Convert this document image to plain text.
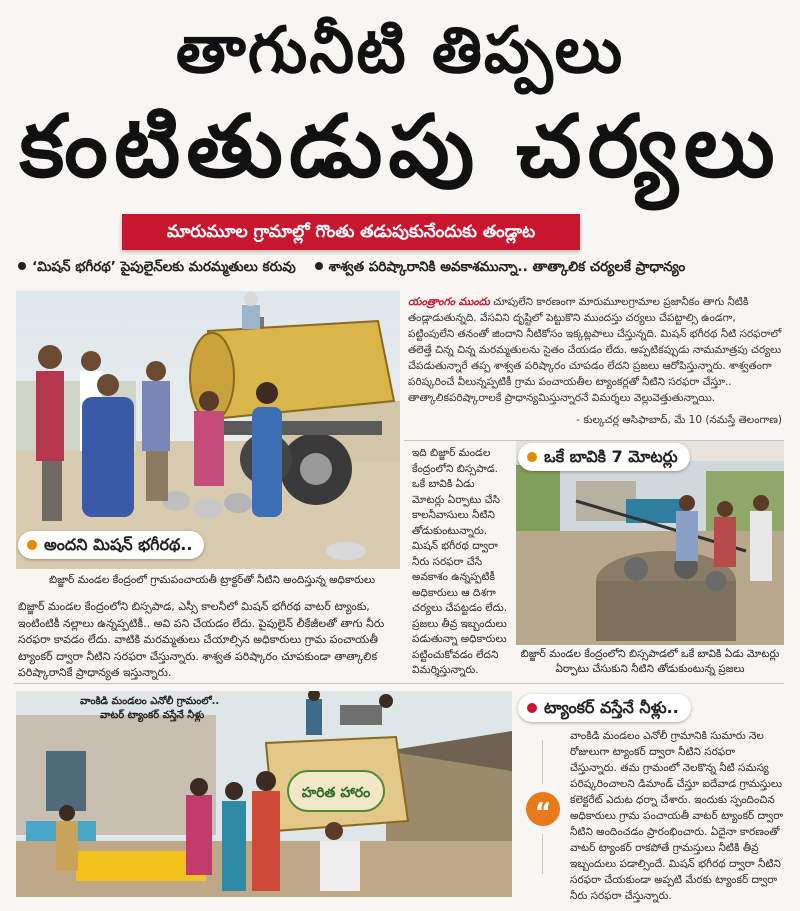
తాగునీటి తిప్పలు
కంటితుడుపు చర్యలు
మారుమూల గ్రామాల్లో గొంతు తడుపుకునేందుకు తండ్లాట
‘మిషన్ భగీరథ’ పైపులైన్‌లకు మరమ్మతులు కరువు శాశ్వత పరిష్కారానికి అవకాశమున్నా.. తాత్కాలిక చర్యలకే ప్రాధాన్యం
అందని మిషన్ భగీరథ..
బిజ్జార్ మండల కేంద్రంలో గ్రామపంచాయతీ ట్రాక్టర్‌తో నీటిని అందిస్తున్న అధికారులు
యంత్రాంగం ముందు చూపులేని కారణంగా మారుమూలగ్రామాల ప్రజానీకం తాగు నీటికి తండ్లాడుతున్నది. వేసవిని దృష్టిలో పెట్టుకొని ముందస్తు చర్యలు చేపట్టాల్సి ఉండగా, పట్టింపులేని తనంతో జిందాని నీటికోసం ఇక్కట్లపాలు చేస్తున్నది. మిషన్ భగీరథ నీటి సరఫరాలో తలెత్తే చిన్న చిన్న మరమ్మతులను సైతం చేయడం లేదు. అప్పటికప్పుడు నామమాత్రపు చర్యలు చేపడుతున్నారే తప్ప శాశ్వత పరిష్కారం చూపడం లేదని ప్రజలు ఆరోపిస్తున్నారు. శాశ్వతంగా పరిష్కరించే వీలున్నప్పటికీ గ్రామ పంచాయతీల ట్యాంకర్లతో నీటిని సరఫరా చేస్తూ.. తాత్కాలికపరిష్కారాలకే ప్రాధాన్యమిస్తున్నారనే విమర్శలు వెల్లువెత్తుతున్నాయి.
- కుల్కచర్ల ఆసిఫాబాద్, మే 10 (నమస్తే తెలంగాణ)
బిజ్జార్ మండల కేంద్రంలోని బిస్సపాడ, ఎస్సీ కాలనీలో మిషన్ భగీరథ వాటర్ ట్యాంకు, ఇంటింటికీ నల్లాలు ఉన్నప్పటికీ.. అవి పని చేయడం లేదు. పైపులైన్ లీకేజీలతో తాగు నీరు సరఫరా కావడం లేదు. వాటికి మరమ్మతులు చేయాల్సిన అధికారులు గ్రామ పంచాయతీ ట్యాంకర్ ద్వారా నీటిని సరఫరా చేస్తున్నారు. శాశ్వత పరిష్కారం చూపకుండా తాత్కాలిక పరిష్కారానికే ప్రాధాన్యత ఇస్తున్నారు.
ఇది బిజ్జార్ మండల కేంద్రంలోని బిస్సపాడ. ఒకే బావికి ఏడు మోటర్లు ఏర్పాటు చేసి కాలనీవాసులు నీటిని తోడుకుంటున్నారు. మిషన్ భగీరథ ద్వారా నీరు సరఫరా చేసే అవకాశం ఉన్నప్పటికీ అధికారులు ఆ దిశగా చర్యలు చేపట్టడం లేదు. ప్రజలు తీవ్ర ఇబ్బందులు పడుతున్నా అధికారులు పట్టించుకోవడం లేదని విమర్శిస్తున్నారు.
ఒకే బావికి 7 మోటర్లు
బిజ్జార్ మండల కేంద్రంలోని బిస్సపాడలో ఒకే బావికి ఏడు మోటర్లు ఏర్పాటు చేసుకుని నీటిని తోడుకుంటున్న ప్రజలు
హరిత హారం
వాంకిడి మండలం ఎనోలీ గ్రామంలో..
వాటర్ ట్యాంకర్ వస్తేనే నీళ్లు	ట్యాంకర్ వస్తేనే నీళ్లు..
“
వాంకిడి మండలం ఎనోలీ గ్రామానికి సుమారు నెల రోజులుగా ట్యాంకర్ ద్వారా నీటిని సరఫరా చేస్తున్నారు. తమ గ్రామంలో నెలకొన్న నీటి సమస్య పరిష్కరించాలని డిమాండ్ చేస్తూ ఐదేవాడ గ్రామస్తులు కలెక్టరేట్ ఎదుట ధర్నా చేశారు. ఇందుకు స్పందించిన అధికారులు గ్రామ పంచాయతీ వాటర్ ట్యాంకర్ ద్వారా నీటిని అందించడం ప్రారంభించారు. ఏదైనా కారణంతో వాటర్ ట్యాంకర్ రాకపోతే గ్రామస్తులు నీటికి తీవ్ర ఇబ్బందులు పడాల్సిందే. మిషన్ భగీరథ ద్వారా నీటిని సరఫరా చేయకుండా అప్పటి మేరకు ట్యాంకర్ ద్వారా నీరు సరఫరా చేస్తున్నారు.
